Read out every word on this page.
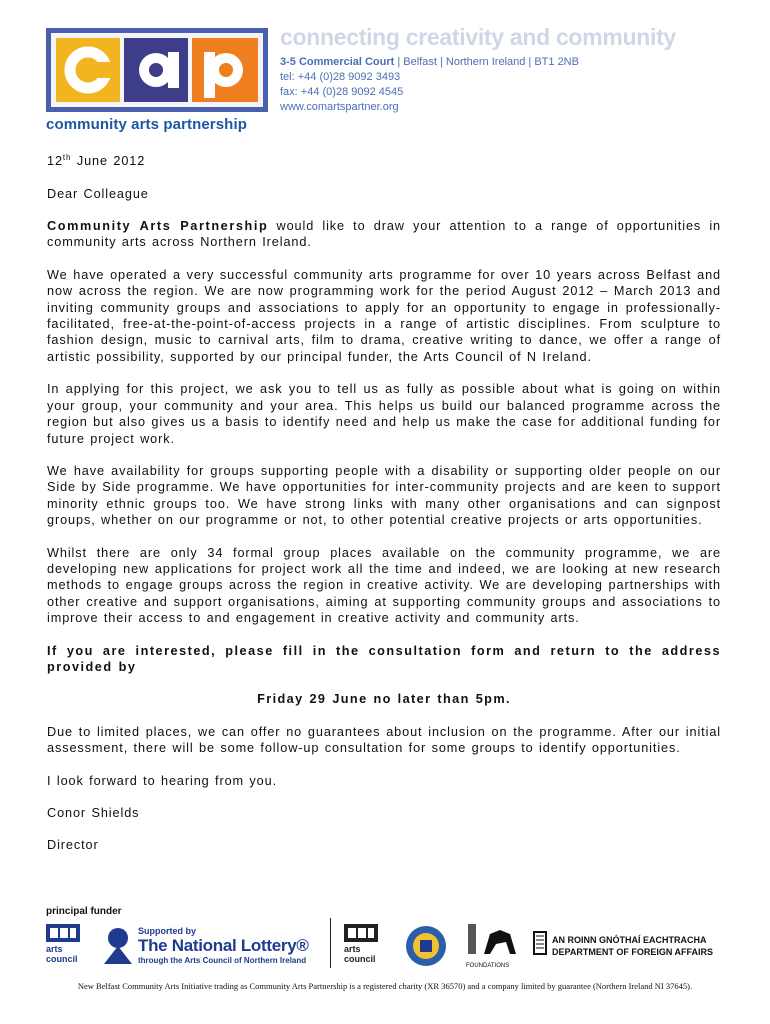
community arts partnership
connecting creativity and community
3-5 Commercial Court | Belfast | Northern Ireland | BT1 2NB
tel: +44 (0)28 9092 3493
fax: +44 (0)28 9092 4545
www.comartspartner.org

12th June 2012

Dear Colleague

Community Arts Partnership would like to draw your attention to a range of opportunities in community arts across Northern Ireland.

We have operated a very successful community arts programme for over 10 years across Belfast and now across the region. We are now programming work for the period August 2012 – March 2013 and inviting community groups and associations to apply for an opportunity to engage in professionally-facilitated, free-at-the-point-of-access projects in a range of artistic disciplines. From sculpture to fashion design, music to carnival arts, film to drama, creative writing to dance, we offer a range of artistic possibility, supported by our principal funder, the Arts Council of N Ireland.

In applying for this project, we ask you to tell us as fully as possible about what is going on within your group, your community and your area. This helps us build our balanced programme across the region but also gives us a basis to identify need and help us make the case for additional funding for future project work.

We have availability for groups supporting people with a disability or supporting older people on our Side by Side programme. We have opportunities for inter-community projects and are keen to support minority ethnic groups too. We have strong links with many other organisations and can signpost groups, whether on our programme or not, to other potential creative projects or arts opportunities.

Whilst there are only 34 formal group places available on the community programme, we are developing new applications for project work all the time and indeed, we are looking at new research methods to engage groups across the region in creative activity. We are developing partnerships with other creative and support organisations, aiming at supporting community groups and associations to improve their access to and engagement in creative activity and community arts.

If you are interested, please fill in the consultation form and return to the address provided by

Friday 29 June no later than 5pm.

Due to limited places, we can offer no guarantees about inclusion on the programme. After our initial assessment, there will be some follow-up consultation for some groups to identify opportunities.

I look forward to hearing from you.

Conor Shields

Director

principal funder
arts council
Supported by
The National Lottery®
through the Arts Council of Northern Ireland
arts council
FOUNDATIONS
AN ROINN GNÓTHAÍ EACHTRACHA
DEPARTMENT OF FOREIGN AFFAIRS
New Belfast Community Arts Initiative trading as Community Arts Partnership is a registered charity (XR 36570) and a company limited by guarantee (Northern Ireland NI 37645).
